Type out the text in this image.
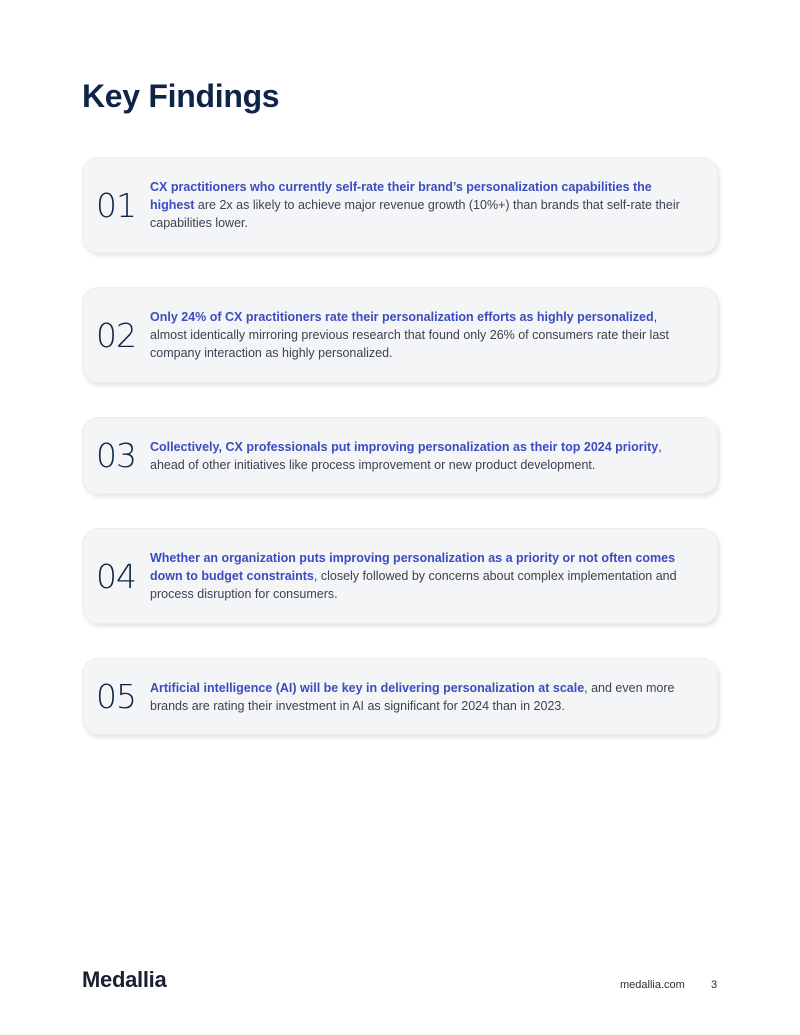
Key Findings
01	CX practitioners who currently self-rate their brand’s personalization capabilities the highest are 2x as likely to achieve major revenue growth (10%+) than brands that self-rate their capabilities lower.
02	Only 24% of CX practitioners rate their personalization efforts as highly personalized, almost identically mirroring previous research that found only 26% of consumers rate their last company interaction as highly personalized.
03	Collectively, CX professionals put improving personalization as their top 2024 priority, ahead of other initiatives like process improvement or new product development.
04	Whether an organization puts improving personalization as a priority or not often comes down to budget constraints, closely followed by concerns about complex implementation and process disruption for consumers.
05	Artificial intelligence (AI) will be key in delivering personalization at scale, and even more brands are rating their investment in AI as significant for 2024 than in 2023.
Medallia	medallia.com 3
